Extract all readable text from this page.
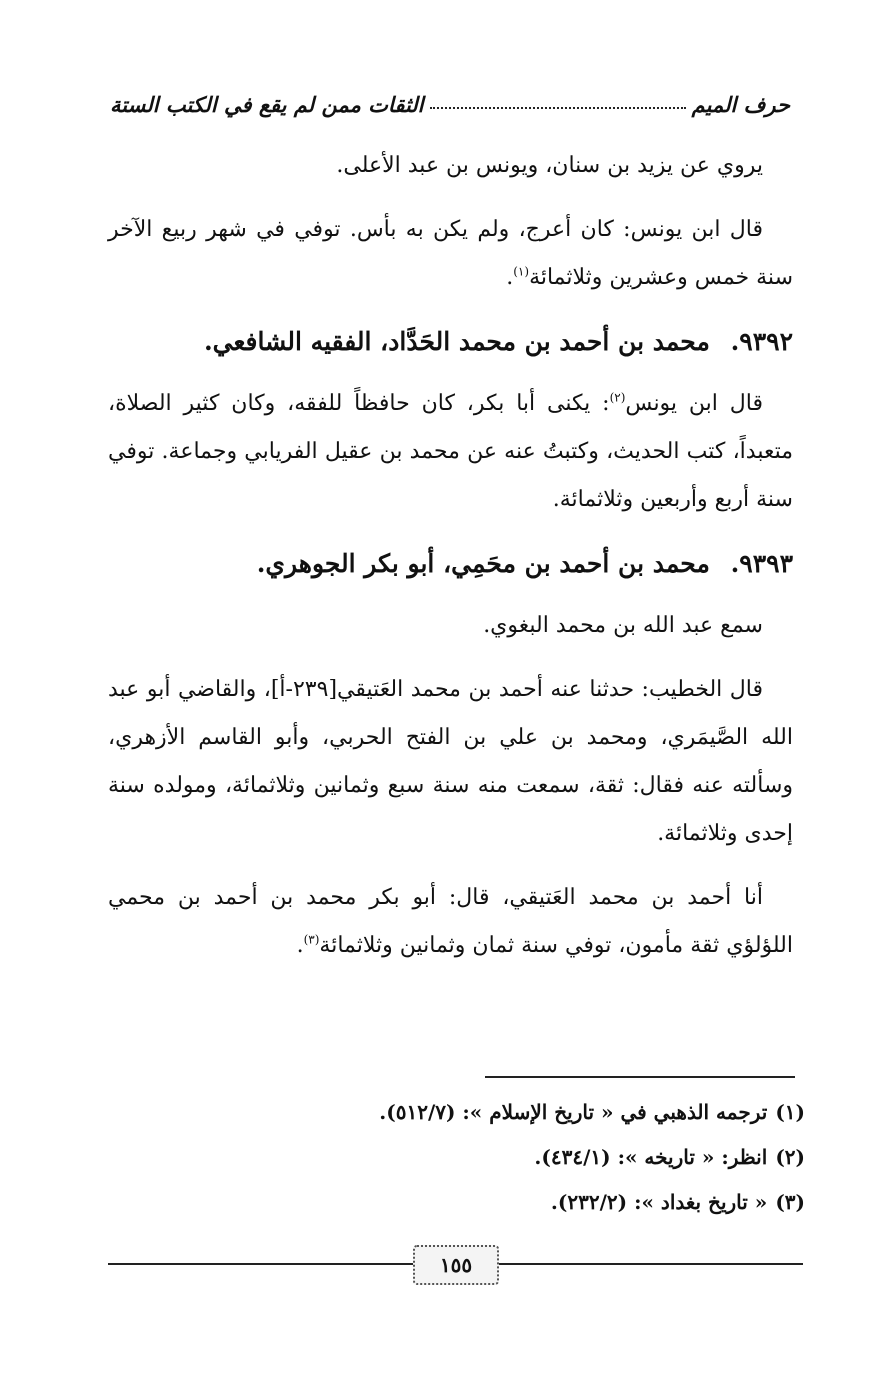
حرف الميم
الثقات ممن لم يقع في الكتب الستة

يروي عن يزيد بن سنان، ويونس بن عبد الأعلى.

قال ابن يونس: كان أعرج، ولم يكن به بأس. توفي في شهر ربيع الآخر سنة خمس وعشرين وثلاثمائة$^{(١)}$.

٩٣٩٢. محمد بن أحمد بن محمد الحَدَّاد، الفقيه الشافعي.

قال ابن يونس$^{(٢)}$: يكنى أبا بكر، كان حافظاً للفقه، وكان كثير الصلاة، متعبداً، كتب الحديث، وكتبتُ عنه عن محمد بن عقيل الفريابي وجماعة. توفي سنة أربع وأربعين وثلاثمائة.

٩٣٩٣. محمد بن أحمد بن محَمِي، أبو بكر الجوهري.

سمع عبد الله بن محمد البغوي.

قال الخطيب: حدثنا عنه أحمد بن محمد العَتيقي[٢٣٩-أ]، والقاضي أبو عبد الله الصَّيمَري، ومحمد بن علي بن الفتح الحربي، وأبو القاسم الأزهري، وسألته عنه فقال: ثقة، سمعت منه سنة سبع وثمانين وثلاثمائة، ومولده سنة إحدى وثلاثمائة.

أنا أحمد بن محمد العَتيقي، قال: أبو بكر محمد بن أحمد بن محمي اللؤلؤي ثقة مأمون، توفي سنة ثمان وثمانين وثلاثمائة$^{(٣)}$.

(١)ترجمه الذهبي في « تاريخ الإسلام »: (٥١٢/٧).
(٢)انظر: « تاريخه »: (٤٣٤/١).
(٣)« تاريخ بغداد »: (٢٣٢/٢).
١٥٥
